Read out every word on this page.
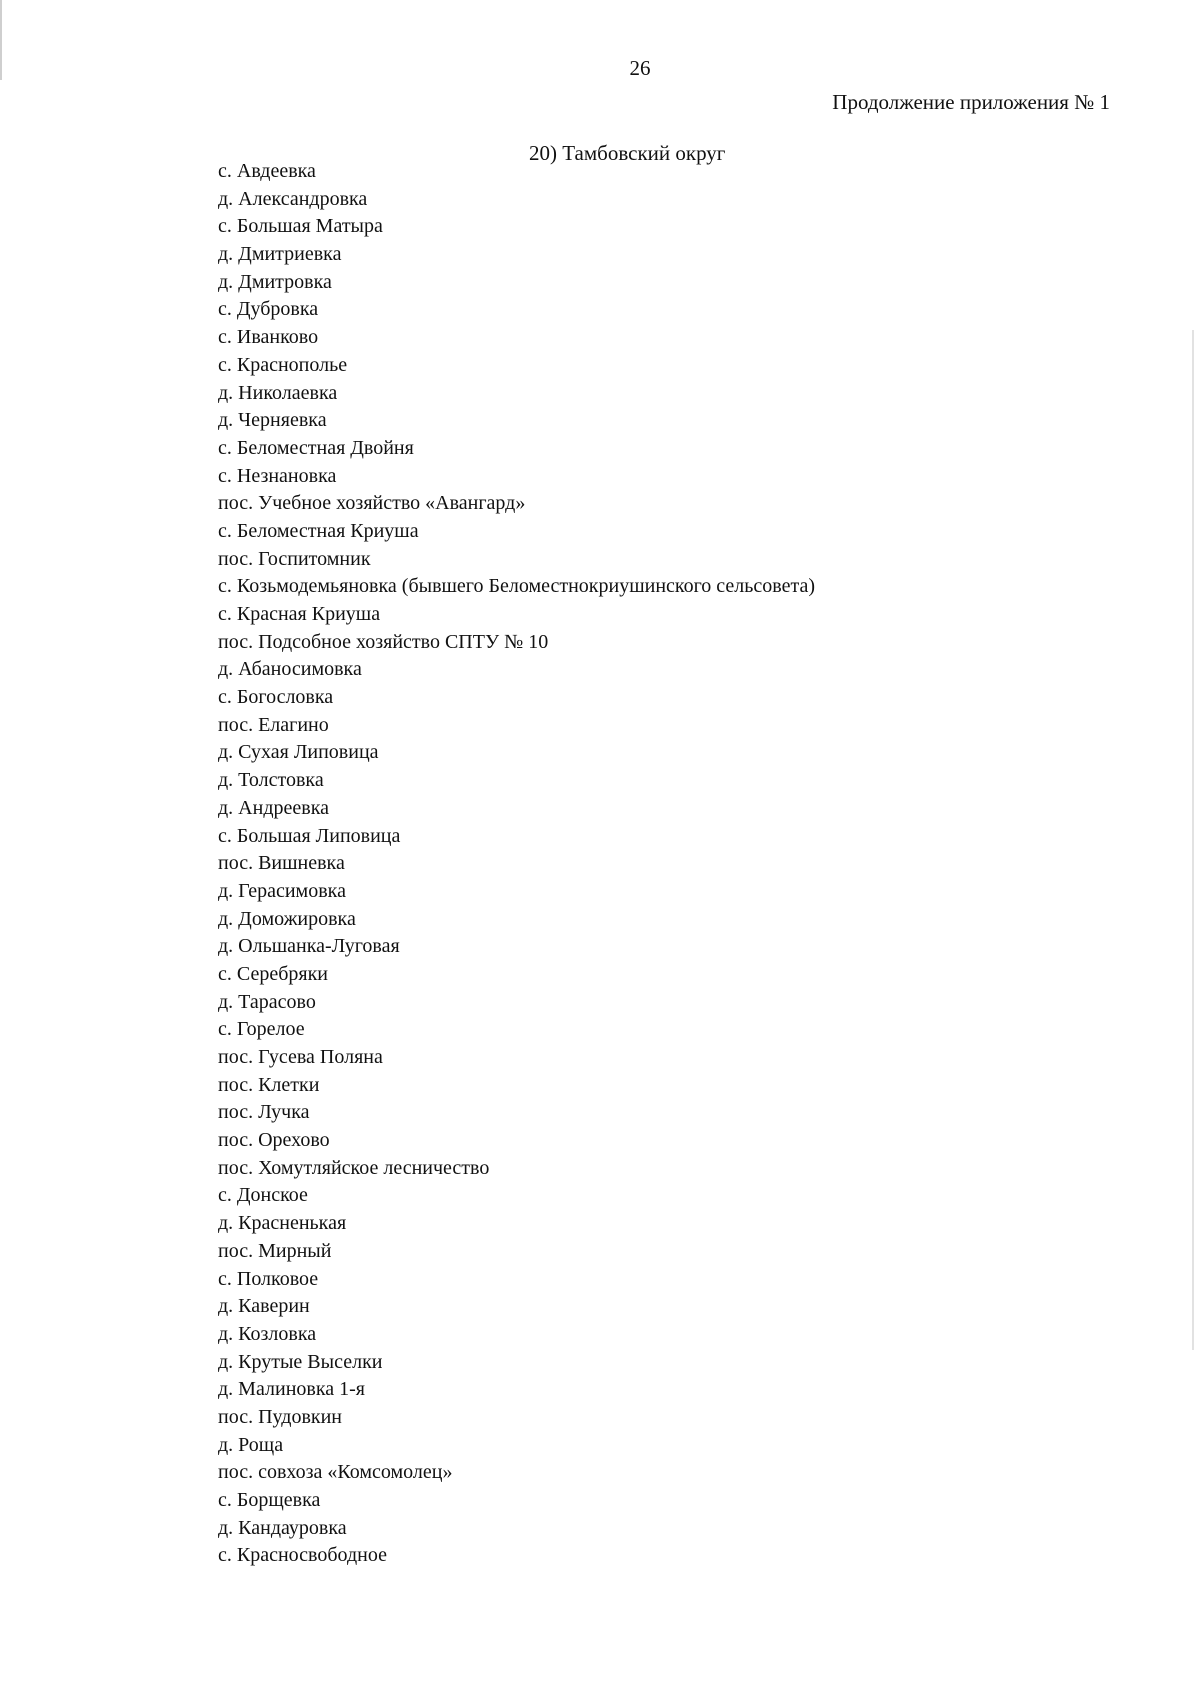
26
Продолжение приложения № 1
20) Тамбовский округ
с. Авдеевка
д. Александровка
с. Большая Матыра
д. Дмитриевка
д. Дмитровка
с. Дубровка
с. Иванково
с. Краснополье
д. Николаевка
д. Черняевка
с. Беломестная Двойня
с. Незнановка
пос. Учебное хозяйство «Авангард»
с. Беломестная Криуша
пос. Госпитомник
с. Козьмодемьяновка (бывшего Беломестнокриушинского сельсовета)
с. Красная Криуша
пос. Подсобное хозяйство СПТУ № 10
д. Абаносимовка
с. Богословка
пос. Елагино
д. Сухая Липовица
д. Толстовка
д. Андреевка
с. Большая Липовица
пос. Вишневка
д. Герасимовка
д. Доможировка
д. Ольшанка-Луговая
с. Серебряки
д. Тарасово
с. Горелое
пос. Гусева Поляна
пос. Клетки
пос. Лучка
пос. Орехово
пос. Хомутляйское лесничество
с. Донское
д. Красненькая
пос. Мирный
с. Полковое
д. Каверин
д. Козловка
д. Крутые Выселки
д. Малиновка 1-я
пос. Пудовкин
д. Роща
пос. совхоза «Комсомолец»
с. Борщевка
д. Кандауровка
с. Красносвободное
